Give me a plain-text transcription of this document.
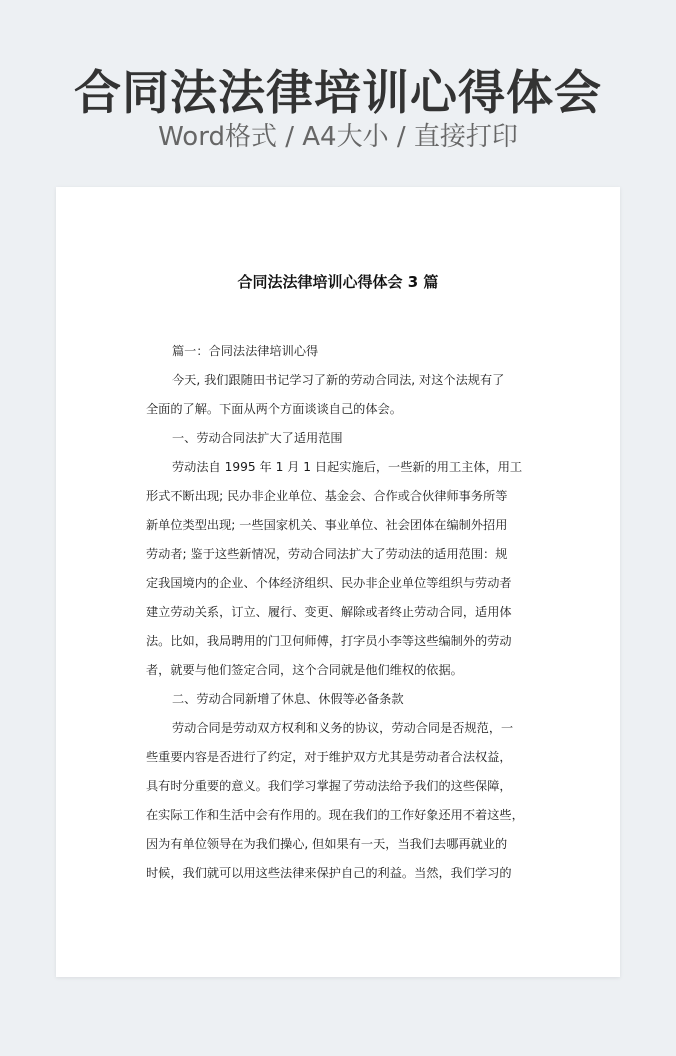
合同法法律培训心得体会
Word格式 / A4大小 / 直接打印
合同法法律培训心得体会 3 篇
篇一：合同法法律培训心得
今天, 我们跟随田书记学习了新的劳动合同法, 对这个法规有了
全面的了解。下面从两个方面谈谈自己的体会。
一、劳动合同法扩大了适用范围
劳动法自 1995 年 1 月 1 日起实施后，一些新的用工主体，用工
形式不断出现; 民办非企业单位、基金会、合作或合伙律师事务所等
新单位类型出现; 一些国家机关、事业单位、社会团体在编制外招用
劳动者; 鉴于这些新情况，劳动合同法扩大了劳动法的适用范围：规
定我国境内的企业、个体经济组织、民办非企业单位等组织与劳动者
建立劳动关系，订立、履行、变更、解除或者终止劳动合同，适用体
法。比如，我局聘用的门卫何师傅，打字员小李等这些编制外的劳动
者，就要与他们签定合同，这个合同就是他们维权的依据。
二、劳动合同新增了休息、休假等必备条款
劳动合同是劳动双方权利和义务的协议，劳动合同是否规范，一
些重要内容是否进行了约定，对于维护双方尤其是劳动者合法权益，
具有时分重要的意义。我们学习掌握了劳动法给予我们的这些保障，
在实际工作和生活中会有作用的。现在我们的工作好象还用不着这些，
因为有单位领导在为我们操心, 但如果有一天，当我们去哪再就业的
时候，我们就可以用这些法律来保护自己的利益。当然，我们学习的
